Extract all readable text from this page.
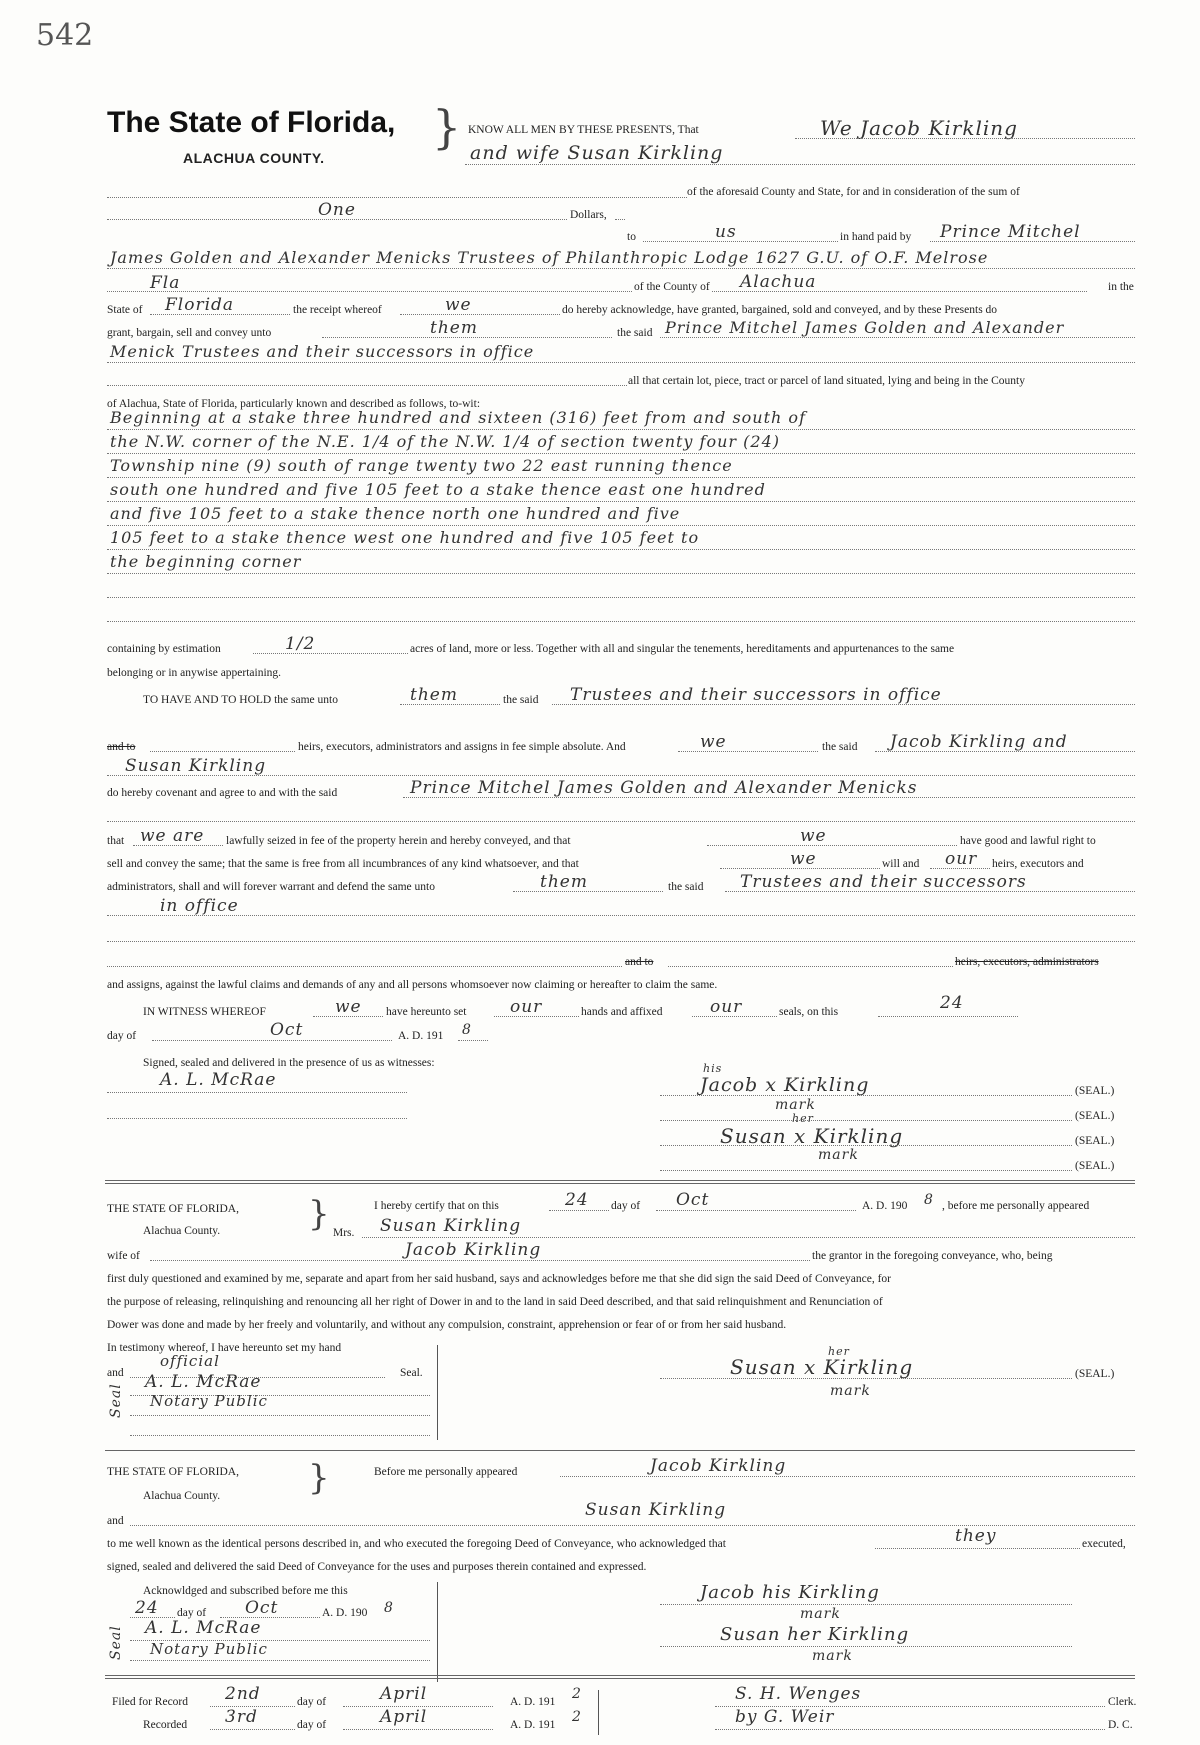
542
The State of Florida,
ALACHUA COUNTY.
} KNOW ALL MEN BY THESE PRESENTS, That	We Jacob Kirkling
and wife Susan Kirkling
of the aforesaid County and State, for and in consideration of the sum of
One	Dollars,
to	us	in hand paid by Prince Mitchel
James Golden and Alexander Menicks Trustees of Philanthropic Lodge 1627 G.U. of O.F. Melrose
Fla	of the County of Alachua	in the
State of Florida	the receipt whereof	we	do hereby acknowledge, have granted, bargained, sold and conveyed, and by these Presents do
grant, bargain, sell and convey unto	them	the said Prince Mitchel James Golden and Alexander
Menick Trustees and their successors in office
all that certain lot, piece, tract or parcel of land situated, lying and being in the County
of Alachua, State of Florida, particularly known and described as follows, to-wit:
Beginning at a stake three hundred and sixteen (316) feet from and south of
the N.W. corner of the N.E. 1/4 of the N.W. 1/4 of section twenty four (24)
Township nine (9) south of range twenty two 22 east running thence
south one hundred and five 105 feet to a stake thence east one hundred
and five 105 feet to a stake thence north one hundred and five
105 feet to a stake thence west one hundred and five 105 feet to
the beginning corner
containing by estimation	1/2	acres of land, more or less. Together with all and singular the tenements, hereditaments and appurtenances to the same
belonging or in anywise appertaining.
TO HAVE AND TO HOLD the same unto	them	the said Trustees and their successors in office
and to	heirs, executors, administrators and assigns in fee simple absolute. And	we	the said Jacob Kirkling and
Susan Kirkling
do hereby covenant and agree to and with the said	Prince Mitchel James Golden and Alexander Menicks
that we are lawfully seized in fee of the property herein and hereby conveyed, and that	we	have good and lawful right to
sell and convey the same; that the same is free from all incumbrances of any kind whatsoever, and that	we	will and our heirs, executors and
administrators, shall and will forever warrant and defend the same unto	them	the said Trustees and their successors
in office
and to	heirs, executors, administrators
and assigns, against the lawful claims and demands of any and all persons whomsoever now claiming or hereafter to claim the same.
IN WITNESS WHEREOF	we have hereunto set	our	hands and affixed	our	seals, on this	24
day of	Oct	A. D. 191 8
Signed, sealed and delivered in the presence of us as witnesses:
A. L. McRae
his
Jacob x Kirkling	(SEAL.)
mark
(SEAL.)
her
Susan x Kirkling	(SEAL.)
mark
(SEAL.)
THE STATE OF FLORIDA,
Alachua County.	}	I hereby certify that on this	24 day of Oct	A. D. 190 8 , before me personally appeared
Mrs. Susan Kirkling
wife of	Jacob Kirkling	the grantor in the foregoing conveyance, who, being
first duly questioned and examined by me, separate and apart from her said husband, says and acknowledges before me that she did sign the said Deed of Conveyance, for
the purpose of releasing, relinquishing and renouncing all her right of Dower in and to the land in said Deed described, and that said relinquishment and Renunciation of
Dower was done and made by her freely and voluntarily, and without any compulsion, constraint, apprehension or fear of or from her said husband.
In testimony whereof, I have hereunto set my hand
and
official
Seal.
A. L. McRae
Notary Public
Seal
her
Susan x Kirkling	(SEAL.)
mark
THE STATE OF FLORIDA,
Alachua County.	}	Before me personally appeared	Jacob Kirkling
and
Susan Kirkling
to me well known as the identical persons described in, and who executed the foregoing Deed of Conveyance, who acknowledged that	they	executed,
signed, sealed and delivered the said Deed of Conveyance for the uses and purposes therein contained and expressed.
Acknowldged and subscribed before me this
24 day of Oct	A. D. 190 8
A. L. McRae
Notary Public
Seal
Jacob his Kirkling
mark
Susan her Kirkling
mark
Filed for Record 2nd	day of	April	A. D. 191 2
Recorded 3rd	day of	April	A. D. 191 2
S. H. Wenges	Clerk.
by G. Weir	D. C.
